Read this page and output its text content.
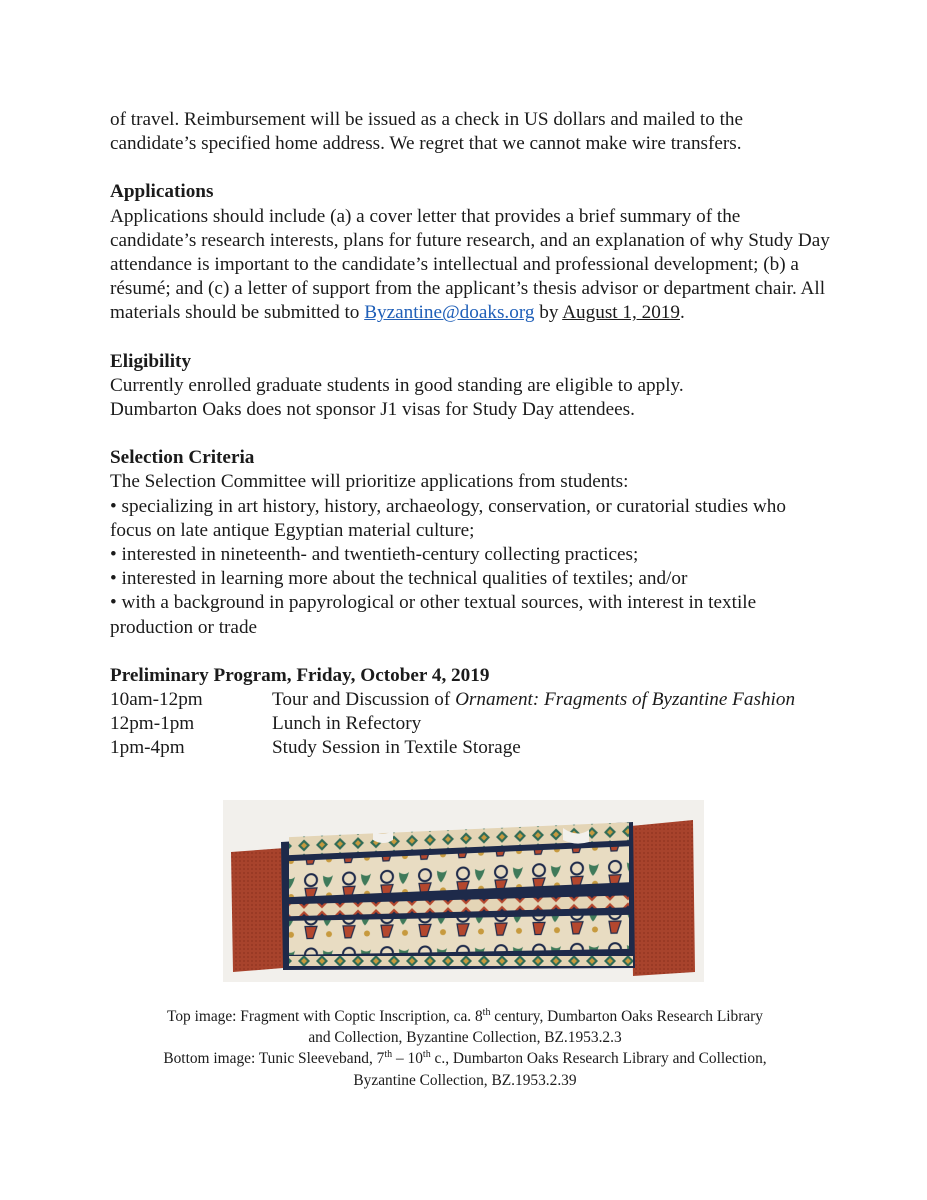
of travel. Reimbursement will be issued as a check in US dollars and mailed to the

candidate’s specified home address. We regret that we cannot make wire transfers.

Applications

Applications should include (a) a cover letter that provides a brief summary of the candidate’s research interests, plans for future research, and an explanation of why Study Day attendance is important to the candidate’s intellectual and professional development; (b) a résumé; and (c) a letter of support from the applicant’s thesis advisor or department chair. All materials should be submitted to Byzantine@doaks.org by August 1, 2019.

Eligibility

Currently enrolled graduate students in good standing are eligible to apply.

Dumbarton Oaks does not sponsor J1 visas for Study Day attendees.

Selection Criteria

The Selection Committee will prioritize applications from students:

• specializing in art history, history, archaeology, conservation, or curatorial studies who focus on late antique Egyptian material culture;

• interested in nineteenth- and twentieth-century collecting practices;

• interested in learning more about the technical qualities of textiles; and/or

• with a background in papyrological or other textual sources, with interest in textile production or trade

Preliminary Program, Friday, October 4, 2019
10am-12pm	Tour and Discussion of Ornament: Fragments of Byzantine Fashion
12pm-1pm	Lunch in Refectory
1pm-4pm	Study Session in Textile Storage
Top image: Fragment with Coptic Inscription, ca. 8th century, Dumbarton Oaks Research Library
and Collection, Byzantine Collection, BZ.1953.2.3
Bottom image: Tunic Sleeveband, 7th – 10th c., Dumbarton Oaks Research Library and Collection,
Byzantine Collection, BZ.1953.2.39
